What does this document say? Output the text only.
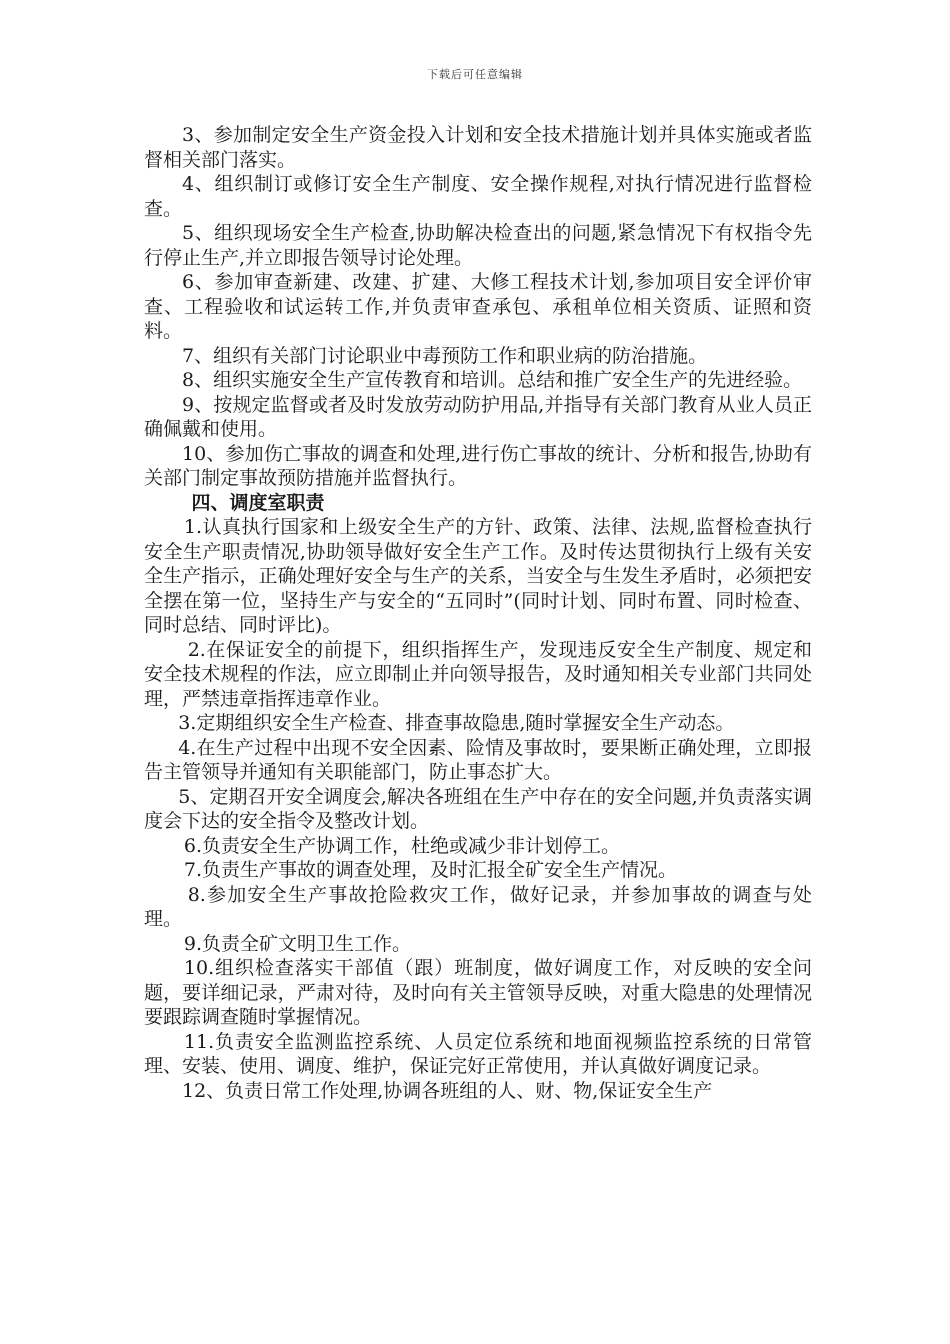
下载后可任意编辑

3、参加制定安全生产资金投入计划和安全技术措施计划并具体实施或者监督相关部门落实。

4、组织制订或修订安全生产制度、安全操作规程,对执行情况进行监督检查。

5、组织现场安全生产检查,协助解决检查出的问题,紧急情况下有权指令先行停止生产,并立即报告领导讨论处理。

6、参加审查新建、改建、扩建、大修工程技术计划,参加项目安全评价审查、工程验收和试运转工作,并负责审查承包、承租单位相关资质、证照和资料。

7、组织有关部门讨论职业中毒预防工作和职业病的防治措施。

8、组织实施安全生产宣传教育和培训。总结和推广安全生产的先进经验。

9、按规定监督或者及时发放劳动防护用品,并指导有关部门教育从业人员正确佩戴和使用。

10、参加伤亡事故的调查和处理,进行伤亡事故的统计、分析和报告,协助有关部门制定事故预防措施并监督执行。

四、调度室职责

1.认真执行国家和上级安全生产的方针、政策、法律、法规,监督检查执行安全生产职责情况,协助领导做好安全生产工作。及时传达贯彻执行上级有关安全生产指示，正确处理好安全与生产的关系，当安全与生发生矛盾时，必须把安全摆在第一位，坚持生产与安全的“五同时”(同时计划、同时布置、同时检查、同时总结、同时评比)。

2.在保证安全的前提下，组织指挥生产，发现违反安全生产制度、规定和安全技术规程的作法，应立即制止并向领导报告，及时通知相关专业部门共同处理，严禁违章指挥违章作业。

3.定期组织安全生产检查、排查事故隐患,随时掌握安全生产动态。

4.在生产过程中出现不安全因素、险情及事故时，要果断正确处理，立即报告主管领导并通知有关职能部门，防止事态扩大。

5、定期召开安全调度会,解决各班组在生产中存在的安全问题,并负责落实调度会下达的安全指令及整改计划。

6.负责安全生产协调工作，杜绝或减少非计划停工。

7.负责生产事故的调查处理，及时汇报全矿安全生产情况。

8.参加安全生产事故抢险救灾工作，做好记录，并参加事故的调查与处理。

9.负责全矿文明卫生工作。

10.组织检查落实干部值（跟）班制度，做好调度工作，对反映的安全问题，要详细记录，严肃对待，及时向有关主管领导反映，对重大隐患的处理情况要跟踪调查随时掌握情况。

11.负责安全监测监控系统、人员定位系统和地面视频监控系统的日常管理、安装、使用、调度、维护，保证完好正常使用，并认真做好调度记录。

12、负责日常工作处理,协调各班组的人、财、物,保证安全生产
